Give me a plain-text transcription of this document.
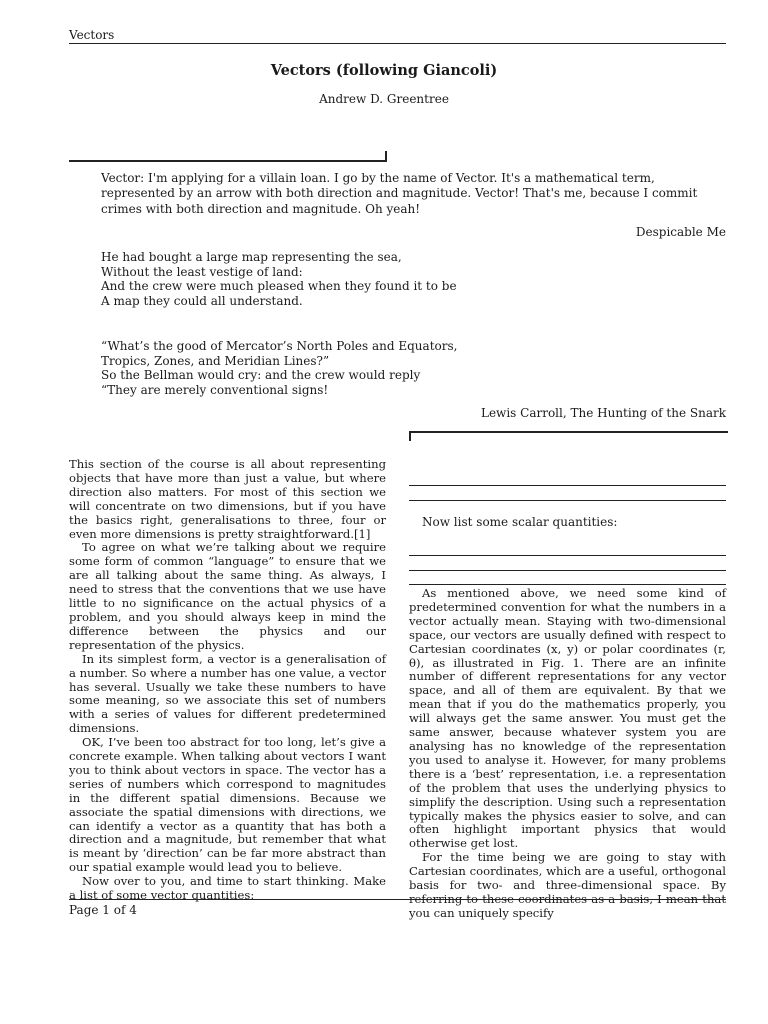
Vectors
Vectors (following Giancoli)
Andrew D. Greentree
Vector: I'm applying for a villain loan. I go by the name of Vector. It's a mathematical term, represented by an arrow with both direction and magnitude. Vector! That's me, because I commit crimes with both direction and magnitude. Oh yeah!
Despicable Me
He had bought a large map representing the sea,
Without the least vestige of land:
And the crew were much pleased when they found it to be
A map they could all understand.
“What’s the good of Mercator’s North Poles and Equators,
Tropics, Zones, and Meridian Lines?”
So the Bellman would cry: and the crew would reply
“They are merely conventional signs!
Lewis Carroll, The Hunting of the Snark

This section of the course is all about representing objects that have more than just a value, but where direction also matters. For most of this section we will concentrate on two dimensions, but if you have the basics right, generalisations to three, four or even more dimensions is pretty straightforward.[1]

To agree on what we’re talking about we require some form of common “language” to ensure that we are all talking about the same thing. As always, I need to stress that the conventions that we use have little to no significance on the actual physics of a problem, and you should always keep in mind the difference between the physics and our representation of the physics.

In its simplest form, a vector is a generalisation of a number. So where a number has one value, a vector has several. Usually we take these numbers to have some meaning, so we associate this set of numbers with a series of values for different predetermined dimensions.

OK, I’ve been too abstract for too long, let’s give a concrete example. When talking about vectors I want you to think about vectors in space. The vector has a series of numbers which correspond to magnitudes in the different spatial dimensions. Because we associate the spatial dimensions with directions, we can identify a vector as a quantity that has both a direction and a magnitude, but remember that what is meant by ‘direction’ can be far more abstract than our spatial example would lead you to believe.

Now over to you, and time to start thinking. Make a list of some vector quantities:

Now list some scalar quantities:

As mentioned above, we need some kind of predetermined convention for what the numbers in a vector actually mean. Staying with two-dimensional space, our vectors are usually defined with respect to Cartesian coordinates (x, y) or polar coordinates (r, θ), as illustrated in Fig. 1. There are an infinite number of different representations for any vector space, and all of them are equivalent. By that we mean that if you do the mathematics properly, you will always get the same answer. You must get the same answer, because whatever system you are analysing has no knowledge of the representation you used to analyse it. However, for many problems there is a ‘best’ representation, i.e. a representation of the problem that uses the underlying physics to simplify the description. Using such a representation typically makes the physics easier to solve, and can often highlight important physics that would otherwise get lost.

For the time being we are going to stay with Cartesian coordinates, which are a useful, orthogonal basis for two- and three-dimensional space. By referring to these coordinates as a basis, I mean that you can uniquely specify

Page 1 of 4
